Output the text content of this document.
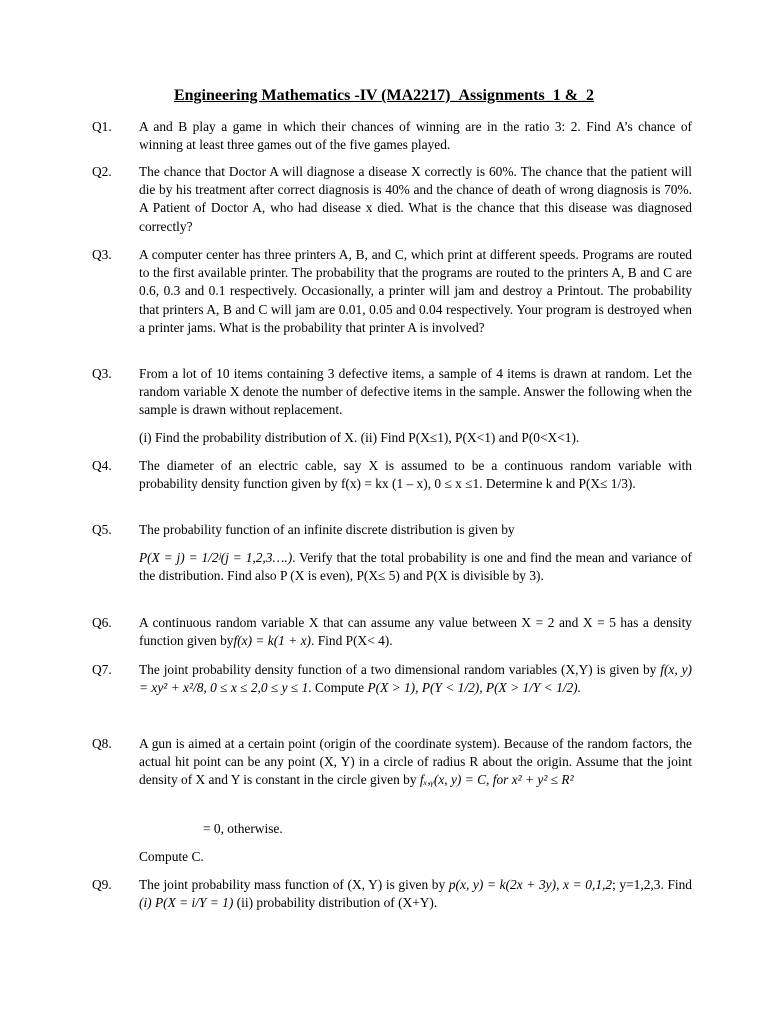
Engineering Mathematics -IV (MA2217)_Assignments_1 &_2
Q1.	A and B play a game in which their chances of winning are in the ratio 3: 2. Find A’s chance of winning at least three games out of the five games played.
Q2.	The chance that Doctor A will diagnose a disease X correctly is 60%. The chance that the patient will die by his treatment after correct diagnosis is 40% and the chance of death of wrong diagnosis is 70%. A Patient of Doctor A, who had disease x died. What is the chance that this disease was diagnosed correctly?
Q3.	A computer center has three printers A, B, and C, which print at different speeds. Programs are routed to the first available printer. The probability that the programs are routed to the printers A, B and C are 0.6, 0.3 and 0.1 respectively. Occasionally, a printer will jam and destroy a Printout. The probability that printers A, B and C will jam are 0.01, 0.05 and 0.04 respectively. Your program is destroyed when a printer jams. What is the probability that printer A is involved?
Q3.	From a lot of 10 items containing 3 defective items, a sample of 4 items is drawn at random. Let the random variable X denote the number of defective items in the sample. Answer the following when the sample is drawn without replacement.
(i) Find the probability distribution of X. (ii) Find P(X≤1), P(X<1) and P(0<X<1).
Q4.	The diameter of an electric cable, say X is assumed to be a continuous random variable with probability density function given by f(x) = kx (1 – x), 0 ≤ x ≤1. Determine k and P(X≤ 1/3).
Q5.	The probability function of an infinite discrete distribution is given by

P(X = j) = 1/2ʲ(j = 1,2,3….). Verify that the total probability is one and find the mean and variance of the distribution. Find also P (X is even), P(X≤ 5) and P(X is divisible by 3).

Q6.	A continuous random variable X that can assume any value between X = 2 and X = 5 has a density function given byf(x) = k(1 + x). Find P(X< 4).
Q7.	The joint probability density function of a two dimensional random variables (X,Y) is given by f(x, y) = xy² + x²/8, 0 ≤ x ≤ 2,0 ≤ y ≤ 1. Compute P(X > 1), P(Y < 1/2), P(X > 1/Y < 1/2).
Q8.	A gun is aimed at a certain point (origin of the coordinate system). Because of the random factors, the actual hit point can be any point (X, Y) in a circle of radius R about the origin. Assume that the joint density of X and Y is constant in the circle given by fₓ,ᵧ(x, y) = C, for x² + y² ≤ R²
= 0, otherwise.
Compute C.
Q9.	The joint probability mass function of (X, Y) is given by p(x, y) = k(2x + 3y), x = 0,1,2; y=1,2,3. Find (i) P(X = i/Y = 1) (ii) probability distribution of (X+Y).
